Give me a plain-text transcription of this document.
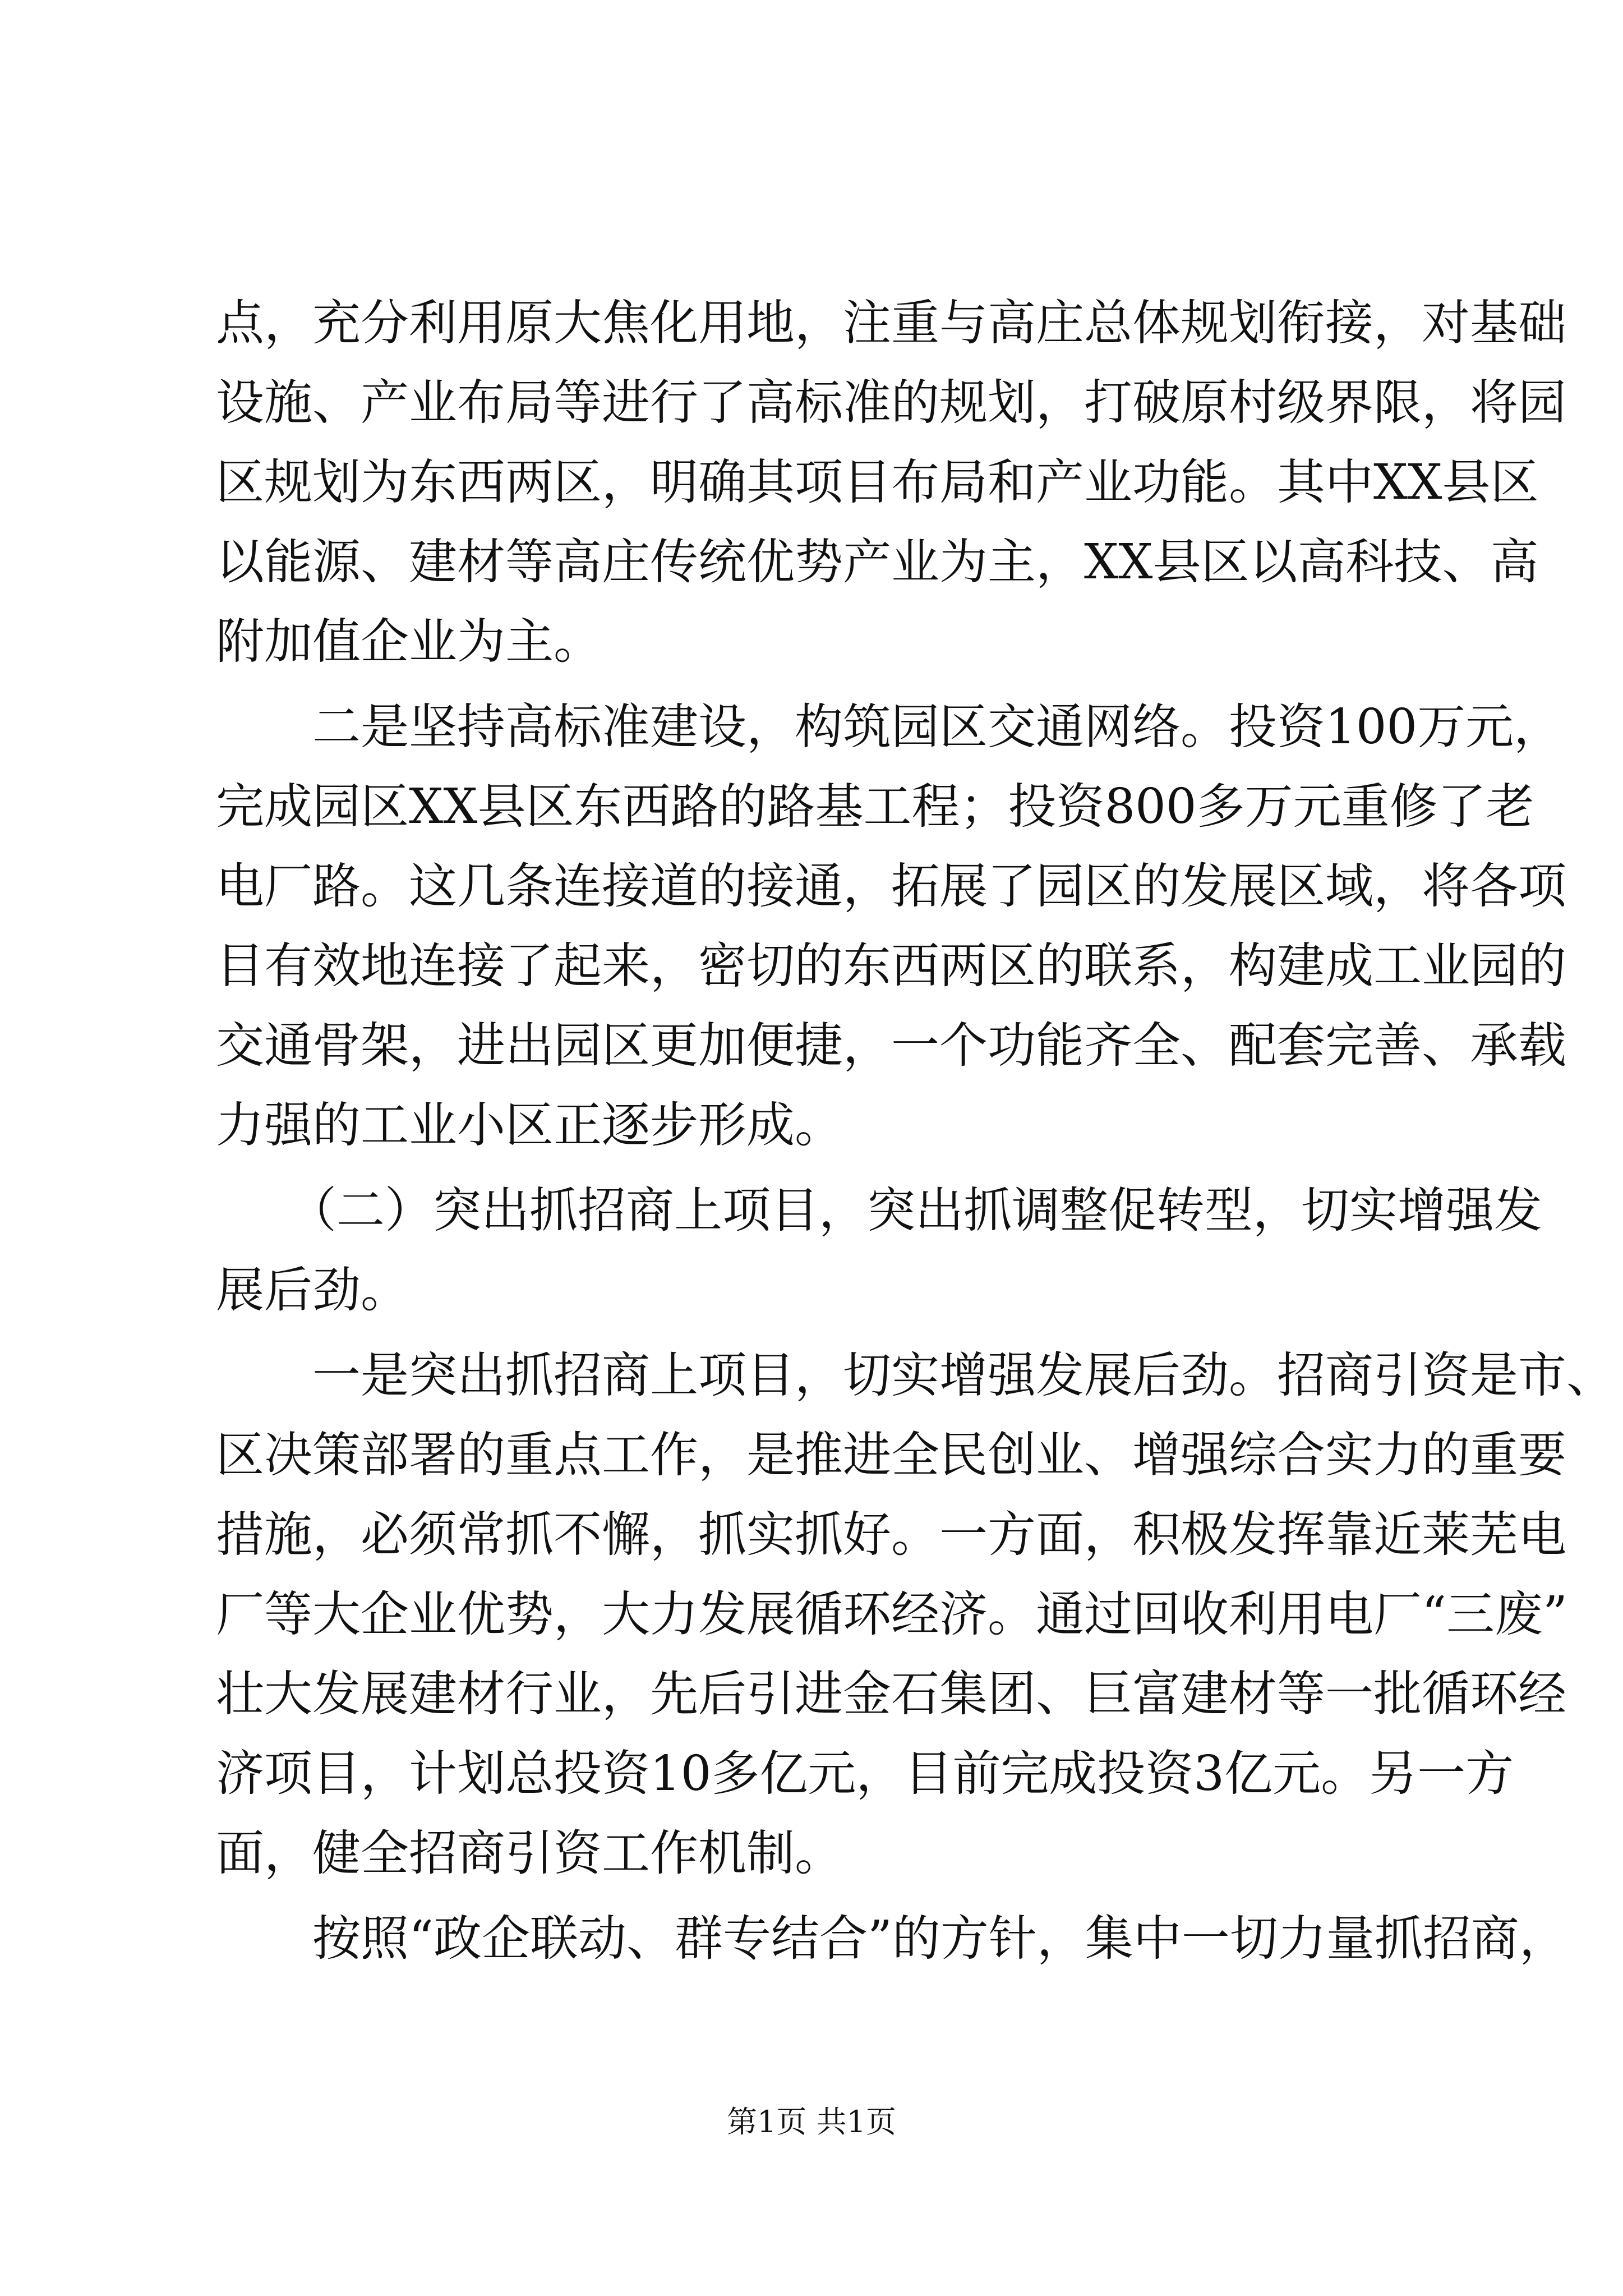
点，充分利用原大焦化用地，注重与高庄总体规划衔接，对基础
设施、产业布局等进行了高标准的规划，打破原村级界限，将园
区规划为东西两区，明确其项目布局和产业功能。其中XX县区
以能源、建材等高庄传统优势产业为主，XX县区以高科技、高
附加值企业为主。
　　二是坚持高标准建设，构筑园区交通网络。投资100万元，
完成园区XX县区东西路的路基工程；投资800多万元重修了老
电厂路。这几条连接道的接通，拓展了园区的发展区域，将各项
目有效地连接了起来，密切的东西两区的联系，构建成工业园的
交通骨架，进出园区更加便捷，一个功能齐全、配套完善、承载
力强的工业小区正逐步形成。
　　（二）突出抓招商上项目，突出抓调整促转型，切实增强发
展后劲。
　　一是突出抓招商上项目，切实增强发展后劲。招商引资是市、
区决策部署的重点工作，是推进全民创业、增强综合实力的重要
措施，必须常抓不懈，抓实抓好。一方面，积极发挥靠近莱芜电
厂等大企业优势，大力发展循环经济。通过回收利用电厂“三废”
壮大发展建材行业，先后引进金石集团、巨富建材等一批循环经
济项目，计划总投资10多亿元，目前完成投资3亿元。另一方
面，健全招商引资工作机制。
　　按照“政企联动、群专结合”的方针，集中一切力量抓招商，
第1页 共1页
